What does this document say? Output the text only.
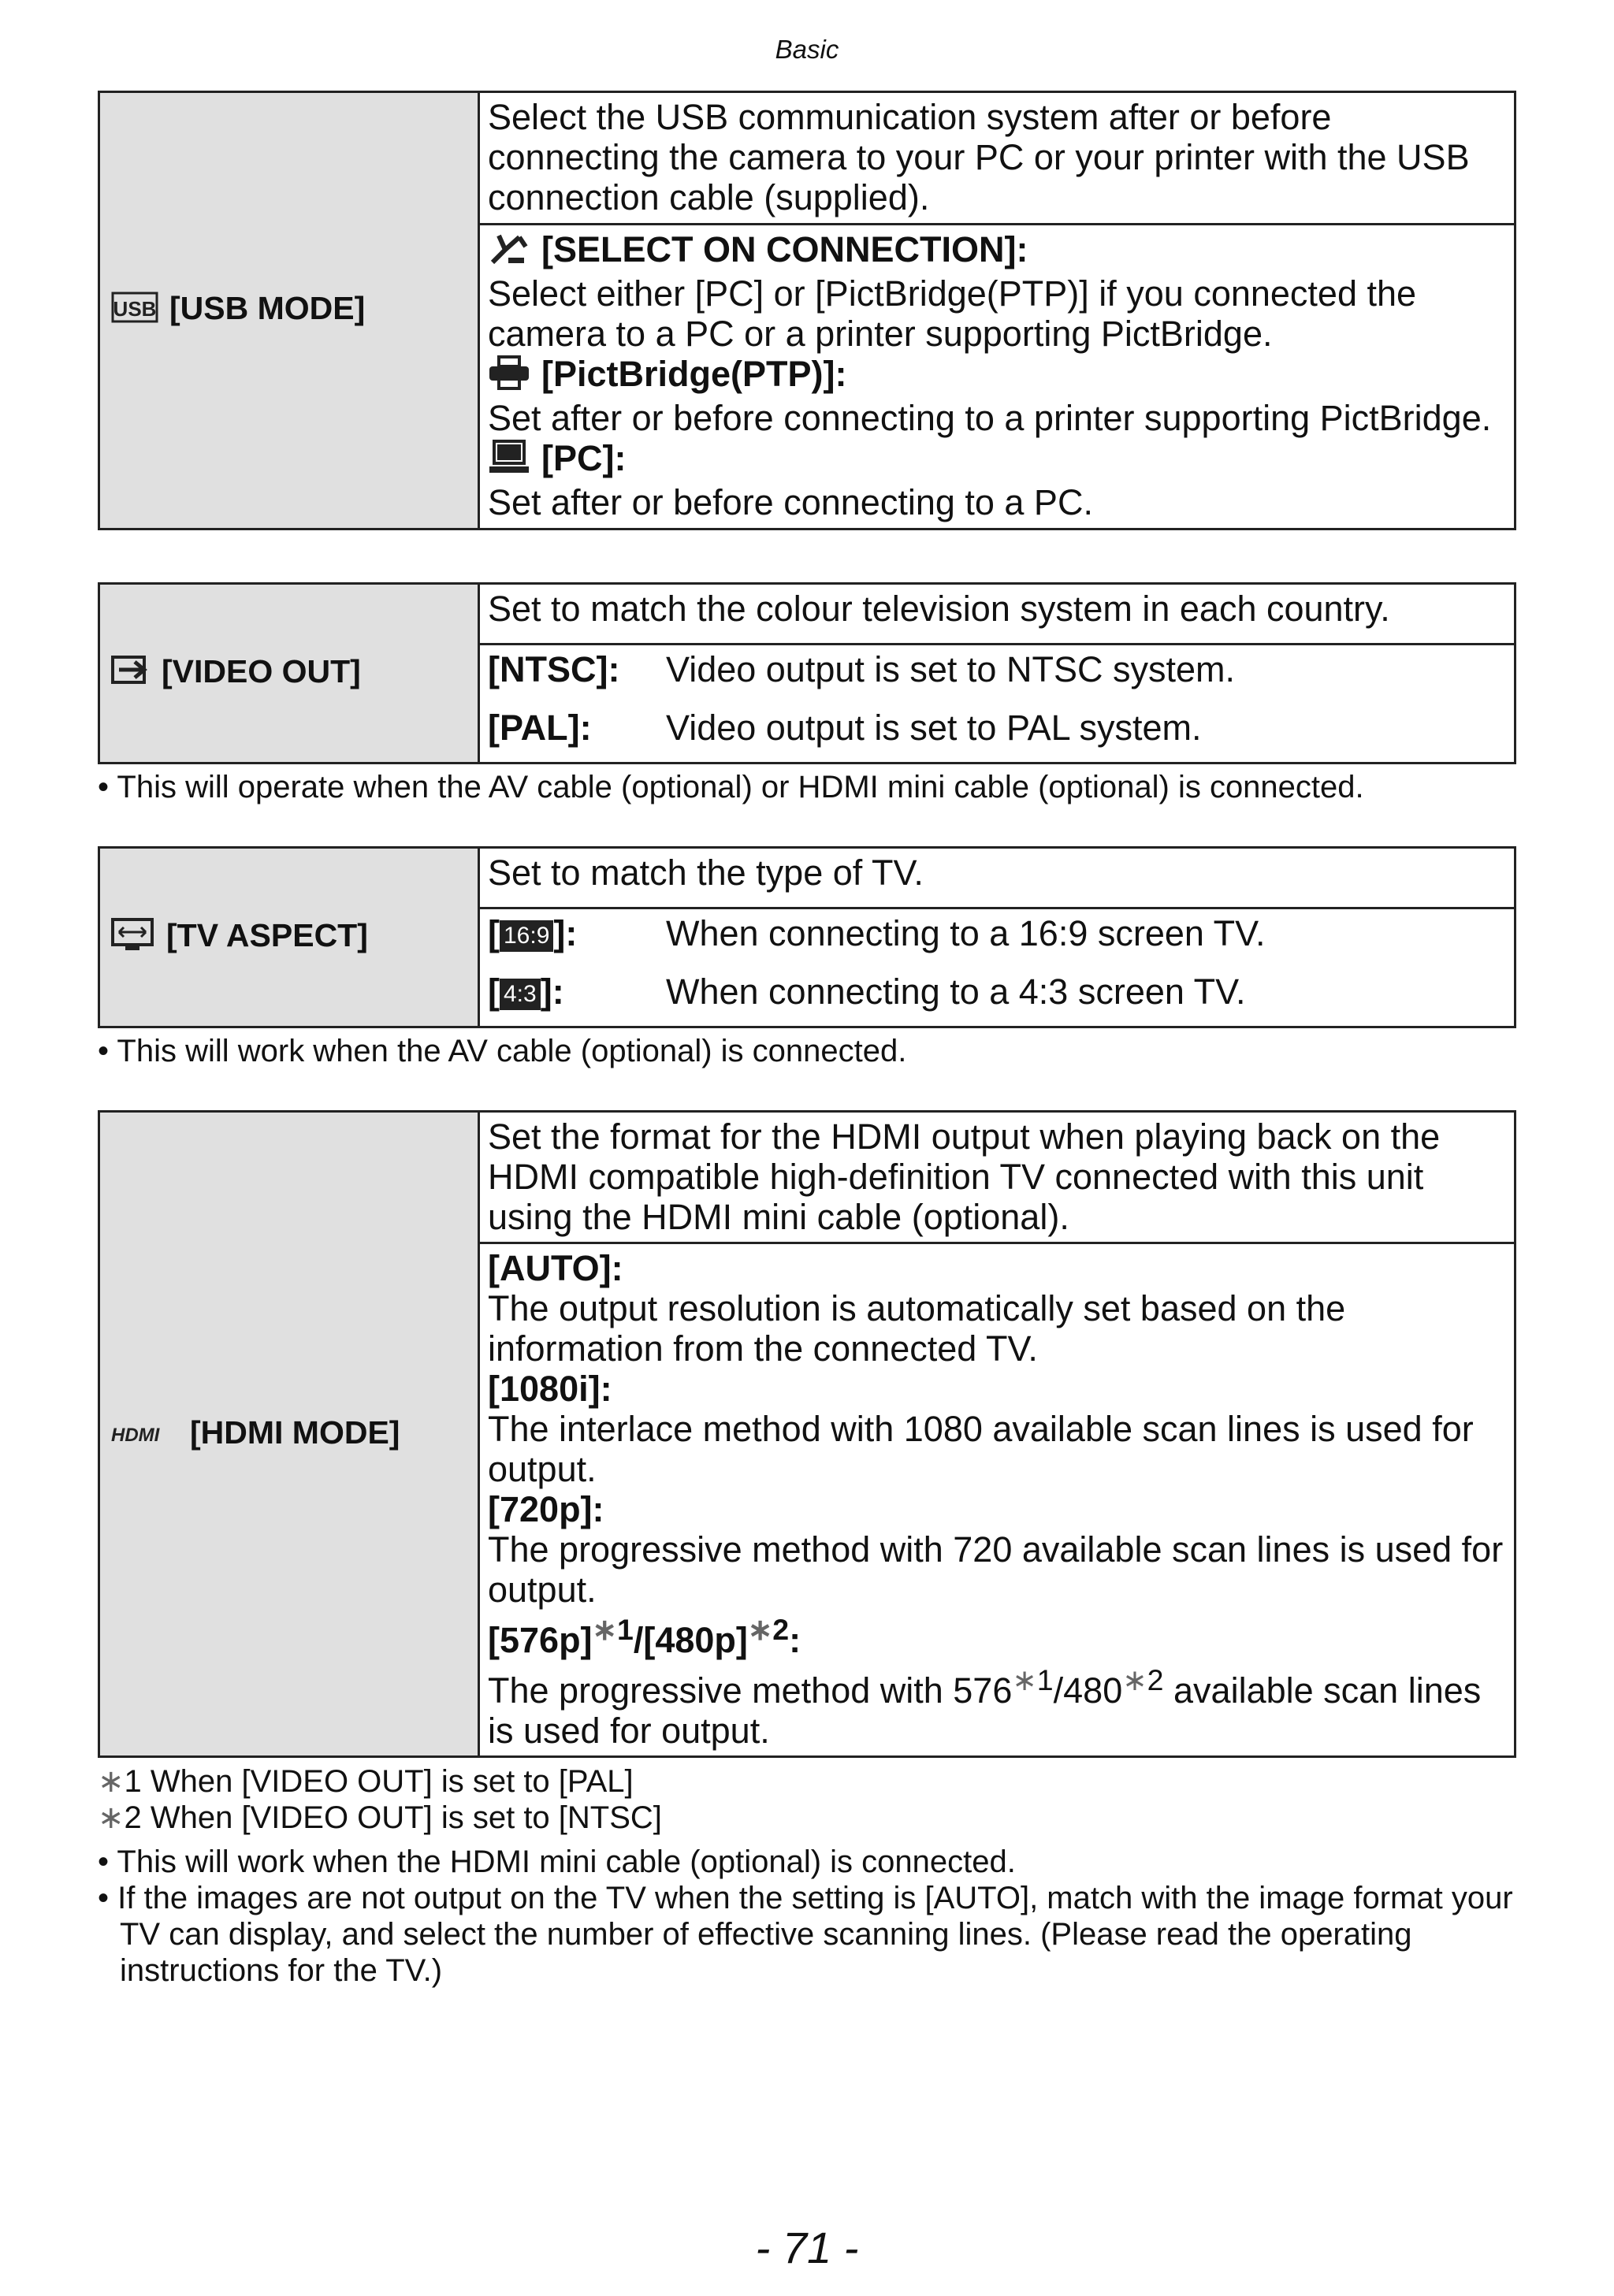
Basic
USB [USB MODE]	Select the USB communication system after or before connecting the camera to your PC or your printer with the USB connection cable (supplied).

[SELECT ON CONNECTION]:
Select either [PC] or [PictBridge(PTP)] if you connected the camera to a PC or a printer supporting PictBridge.
[PictBridge(PTP)]:
Set after or before connecting to a printer supporting PictBridge.
[PC]:
Set after or before connecting to a PC.
[VIDEO OUT]	Set to match the colour television system in each country.

[NTSC]:	Video output is set to NTSC system.

[PAL]:	Video output is set to PAL system.
• This will operate when the AV cable (optional) or HDMI mini cable (optional) is connected.
[TV ASPECT]	Set to match the type of TV.

[ 16:9 ]:	When connecting to a 16:9 screen TV.

[ 4:3 ]:	When connecting to a 4:3 screen TV.
• This will work when the AV cable (optional) is connected.
HDMI [HDMI MODE]	Set the format for the HDMI output when playing back on the HDMI compatible high-definition TV connected with this unit using the HDMI mini cable (optional).

[AUTO]:
The output resolution is automatically set based on the information from the connected TV.
[1080i]:
The interlace method with 1080 available scan lines is used for output.
[720p]:
The progressive method with 720 available scan lines is used for output.
$[576p]^{∗1}/[480p]^{∗2}$:
The progressive method with $576^{∗1}/480^{∗2}$ available scan lines is used for output.
∗1 When [VIDEO OUT] is set to [PAL]
∗2 When [VIDEO OUT] is set to [NTSC]
• This will work when the HDMI mini cable (optional) is connected.
• If the images are not output on the TV when the setting is [AUTO], match with the image format your TV can display, and select the number of effective scanning lines. (Please read the operating instructions for the TV.)
- 71 -
